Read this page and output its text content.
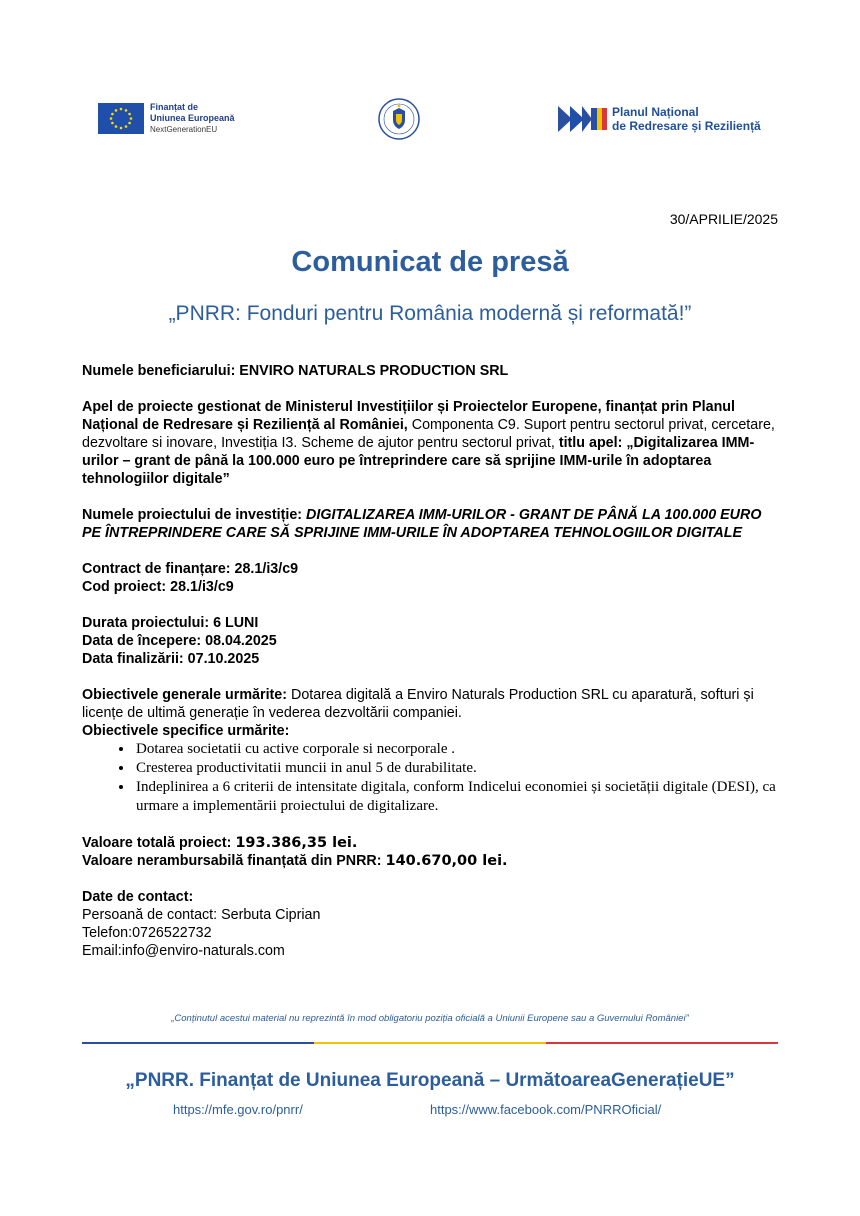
Finanțat de
Uniunea Europeană
NextGenerationEU
Planul Național
de Redresare și Reziliență
30/APRILIE/2025
Comunicat de presă
„PNRR: Fonduri pentru România modernă și reformată!”

Numele beneficiarului: ENVIRO NATURALS PRODUCTION SRL

Apel de proiecte gestionat de Ministerul Investițiilor și Proiectelor Europene, finanțat prin Planul Național de Redresare și Reziliență al României, Componenta C9. Suport pentru sectorul privat, cercetare, dezvoltare si inovare, Investiția I3. Scheme de ajutor pentru sectorul privat, titlu apel: „Digitalizarea IMM-urilor – grant de până la 100.000 euro pe întreprindere care să sprijine IMM-urile în adoptarea tehnologiilor digitale”

Numele proiectului de investiție: DIGITALIZAREA IMM-URILOR - GRANT DE PÂNĂ LA 100.000 EURO PE ÎNTREPRINDERE CARE SĂ SPRIJINE IMM-URILE ÎN ADOPTAREA TEHNOLOGIILOR DIGITALE

Contract de finanțare: 28.1/i3/c9

Cod proiect: 28.1/i3/c9

Durata proiectului: 6 LUNI

Data de începere: 08.04.2025

Data finalizării: 07.10.2025

Obiectivele generale urmărite: Dotarea digitală a Enviro Naturals Production SRL cu aparatură, softuri și licențe de ultimă generație în vederea dezvoltării companiei.

Obiectivele specifice urmărite:

• Dotarea societatii cu active corporale si necorporale .
• Cresterea productivitatii muncii in anul 5 de durabilitate.
• Indeplinirea a 6 criterii de intensitate digitala, conform Indicelui economiei și societății digitale (DESI), ca urmare a implementării proiectului de digitalizare.

Valoare totală proiect: 193.386,35 lei.

Valoare nerambursabilă finanțată din PNRR: 140.670,00 lei.

Date de contact:

Persoană de contact: Serbuta Ciprian

Telefon:0726522732

Email:info@enviro-naturals.com

„Conținutul acestui material nu reprezintă în mod obligatoriu poziția oficială a Uniunii Europene sau a Guvernului României”
„PNRR. Finanțat de Uniunea Europeană – UrmătoareaGenerațieUE”
https://mfe.gov.ro/pnrr/	https://www.facebook.com/PNRROficial/
